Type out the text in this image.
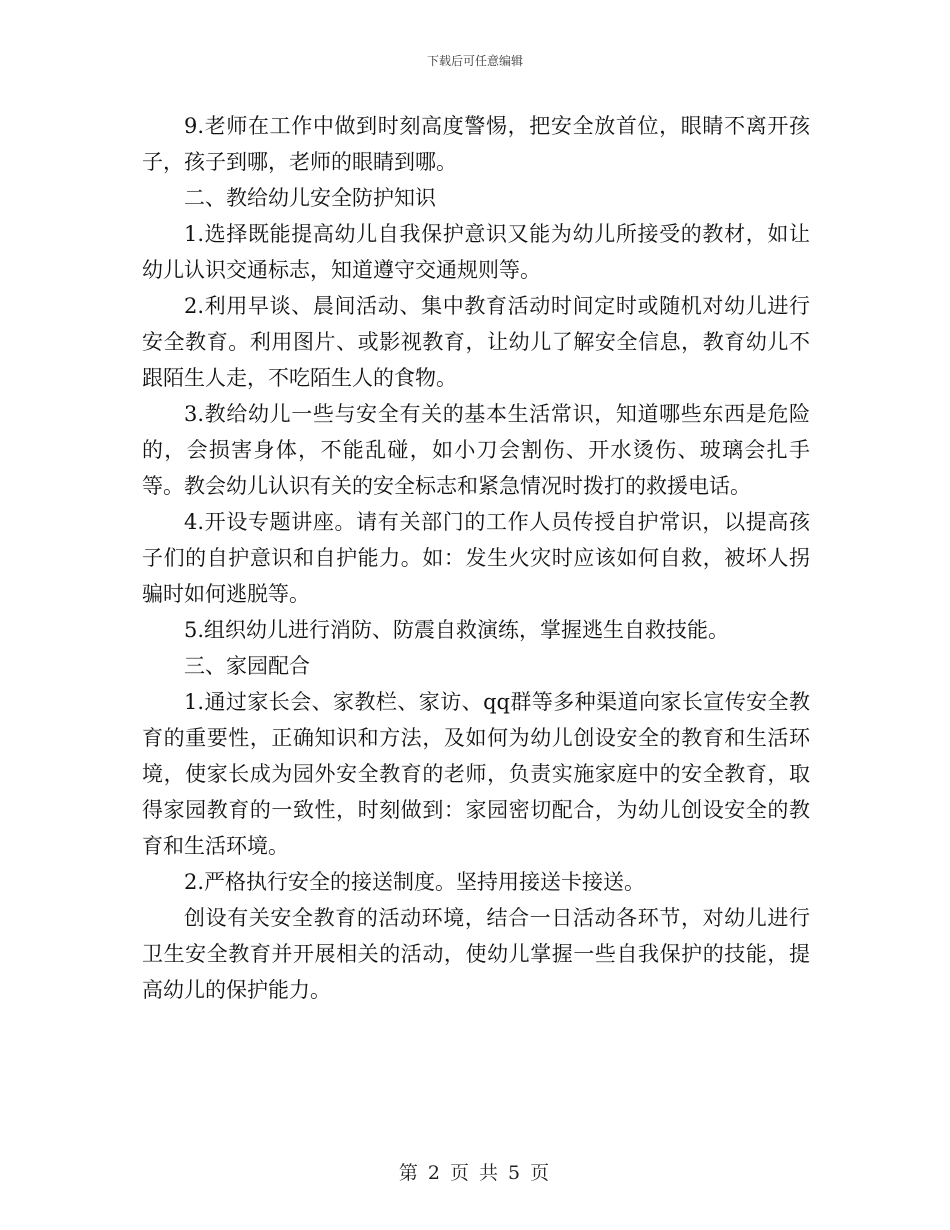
下载后可任意编辑

9.老师在工作中做到时刻高度警惕，把安全放首位，眼睛不离开孩子，孩子到哪，老师的眼睛到哪。

二、教给幼儿安全防护知识

1.选择既能提高幼儿自我保护意识又能为幼儿所接受的教材，如让幼儿认识交通标志，知道遵守交通规则等。

2.利用早谈、晨间活动、集中教育活动时间定时或随机对幼儿进行安全教育。利用图片、或影视教育，让幼儿了解安全信息，教育幼儿不跟陌生人走，不吃陌生人的食物。

3.教给幼儿一些与安全有关的基本生活常识，知道哪些东西是危险的，会损害身体，不能乱碰，如小刀会割伤、开水烫伤、玻璃会扎手等。教会幼儿认识有关的安全标志和紧急情况时拨打的救援电话。

4.开设专题讲座。请有关部门的工作人员传授自护常识，以提高孩子们的自护意识和自护能力。如：发生火灾时应该如何自救，被坏人拐骗时如何逃脱等。

5.组织幼儿进行消防、防震自救演练，掌握逃生自救技能。

三、家园配合

1.通过家长会、家教栏、家访、qq群等多种渠道向家长宣传安全教育的重要性，正确知识和方法，及如何为幼儿创设安全的教育和生活环境，使家长成为园外安全教育的老师，负责实施家庭中的安全教育，取得家园教育的一致性，时刻做到：家园密切配合，为幼儿创设安全的教育和生活环境。

2.严格执行安全的接送制度。坚持用接送卡接送。

创设有关安全教育的活动环境，结合一日活动各环节，对幼儿进行卫生安全教育并开展相关的活动，使幼儿掌握一些自我保护的技能，提高幼儿的保护能力。

第 2 页 共 5 页
